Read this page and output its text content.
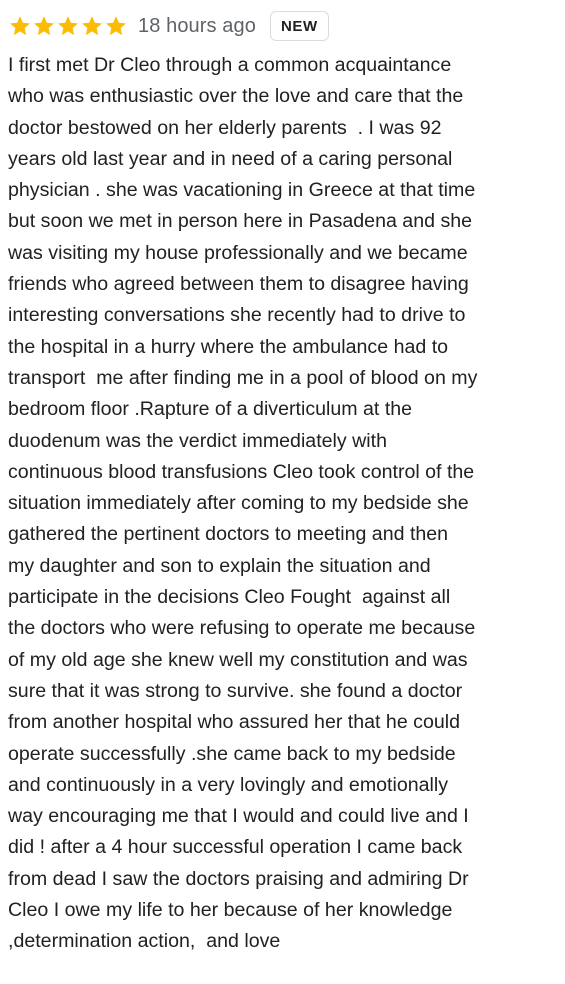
18 hours ago	NEW
I first met Dr Cleo through a common acquaintance
who was enthusiastic over the love and care that the
doctor bestowed on her elderly parents  . I was 92
years old last year and in need of a caring personal
physician . she was vacationing in Greece at that time
but soon we met in person here in Pasadena and she
was visiting my house professionally and we became
friends who agreed between them to disagree having
interesting conversations she recently had to drive to
the hospital in a hurry where the ambulance had to
transport  me after finding me in a pool of blood on my
bedroom floor .Rapture of a diverticulum at the
duodenum was the verdict immediately with
continuous blood transfusions Cleo took control of the
situation immediately after coming to my bedside she
gathered the pertinent doctors to meeting and then
my daughter and son to explain the situation and
participate in the decisions Cleo Fought  against all
the doctors who were refusing to operate me because
of my old age she knew well my constitution and was
sure that it was strong to survive. she found a doctor
from another hospital who assured her that he could
operate successfully .she came back to my bedside
and continuously in a very lovingly and emotionally
way encouraging me that I would and could live and I
did ! after a 4 hour successful operation I came back
from dead I saw the doctors praising and admiring Dr
Cleo I owe my life to her because of her knowledge
,determination action,  and love
